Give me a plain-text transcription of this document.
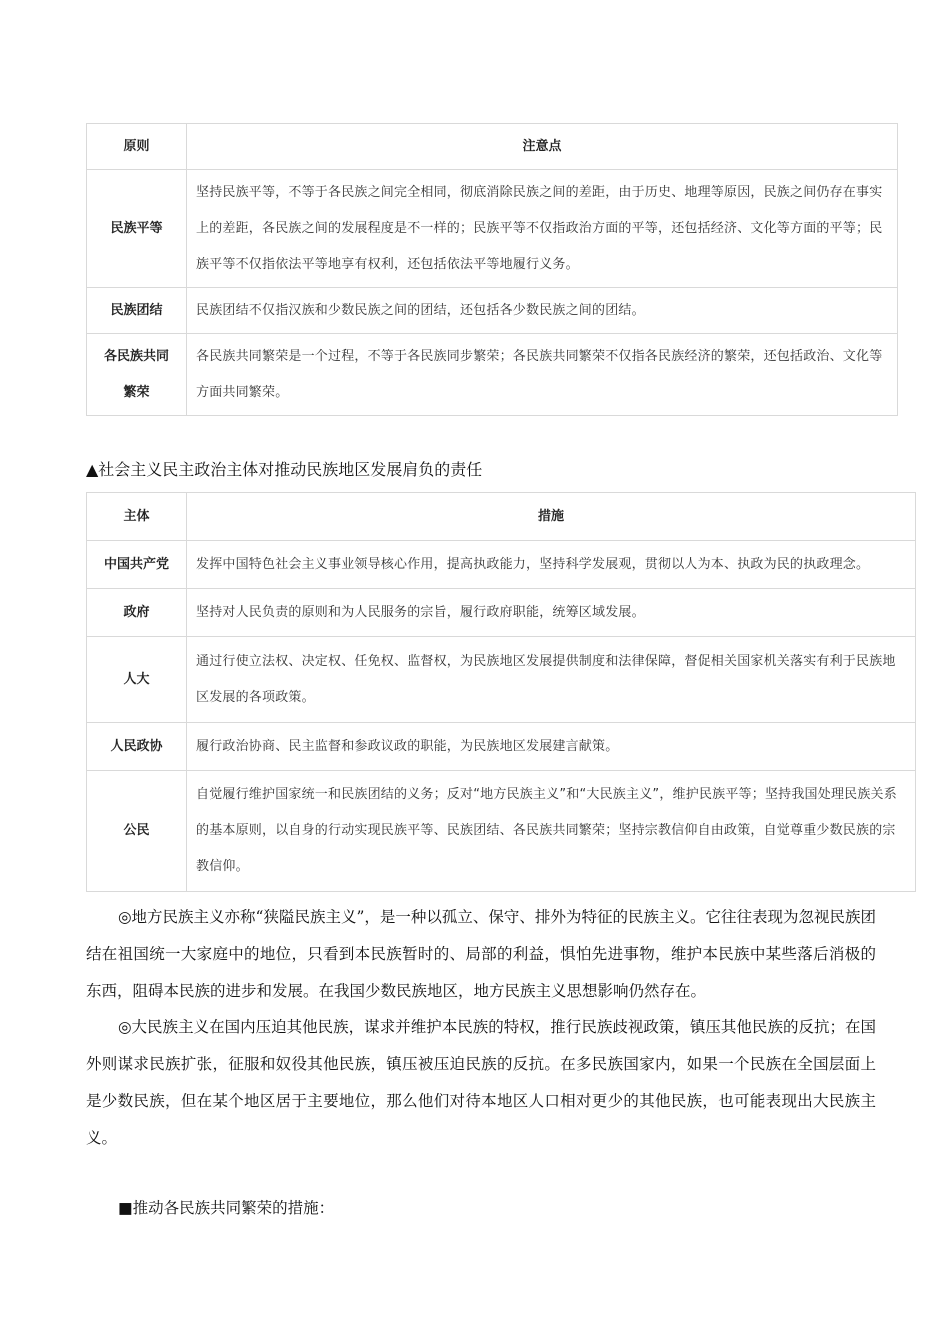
原则	注意点
民族平等	坚持民族平等，不等于各民族之间完全相同，彻底消除民族之间的差距，由于历史、地理等原因，民族之间仍存在事实上的差距，各民族之间的发展程度是不一样的；民族平等不仅指政治方面的平等，还包括经济、文化等方面的平等；民族平等不仅指依法平等地享有权利，还包括依法平等地履行义务。
民族团结	民族团结不仅指汉族和少数民族之间的团结，还包括各少数民族之间的团结。
各民族共同繁荣	各民族共同繁荣是一个过程，不等于各民族同步繁荣；各民族共同繁荣不仅指各民族经济的繁荣，还包括政治、文化等方面共同繁荣。
▲社会主义民主政治主体对推动民族地区发展肩负的责任
主体	措施
中国共产党	发挥中国特色社会主义事业领导核心作用，提高执政能力，坚持科学发展观，贯彻以人为本、执政为民的执政理念。
政府	坚持对人民负责的原则和为人民服务的宗旨，履行政府职能，统筹区域发展。
人大	通过行使立法权、决定权、任免权、监督权，为民族地区发展提供制度和法律保障，督促相关国家机关落实有利于民族地区发展的各项政策。
人民政协	履行政治协商、民主监督和参政议政的职能，为民族地区发展建言献策。
公民	自觉履行维护国家统一和民族团结的义务；反对“地方民族主义”和“大民族主义”，维护民族平等；坚持我国处理民族关系的基本原则，以自身的行动实现民族平等、民族团结、各民族共同繁荣；坚持宗教信仰自由政策，自觉尊重少数民族的宗教信仰。
◎地方民族主义亦称“狭隘民族主义”，是一种以孤立、保守、排外为特征的民族主义。它往往表现为忽视民族团结在祖国统一大家庭中的地位，只看到本民族暂时的、局部的利益，惧怕先进事物，维护本民族中某些落后消极的东西，阻碍本民族的进步和发展。在我国少数民族地区，地方民族主义思想影响仍然存在。
◎大民族主义在国内压迫其他民族，谋求并维护本民族的特权，推行民族歧视政策，镇压其他民族的反抗；在国外则谋求民族扩张，征服和奴役其他民族，镇压被压迫民族的反抗。在多民族国家内，如果一个民族在全国层面上是少数民族，但在某个地区居于主要地位，那么他们对待本地区人口相对更少的其他民族，也可能表现出大民族主义。
■推动各民族共同繁荣的措施：
